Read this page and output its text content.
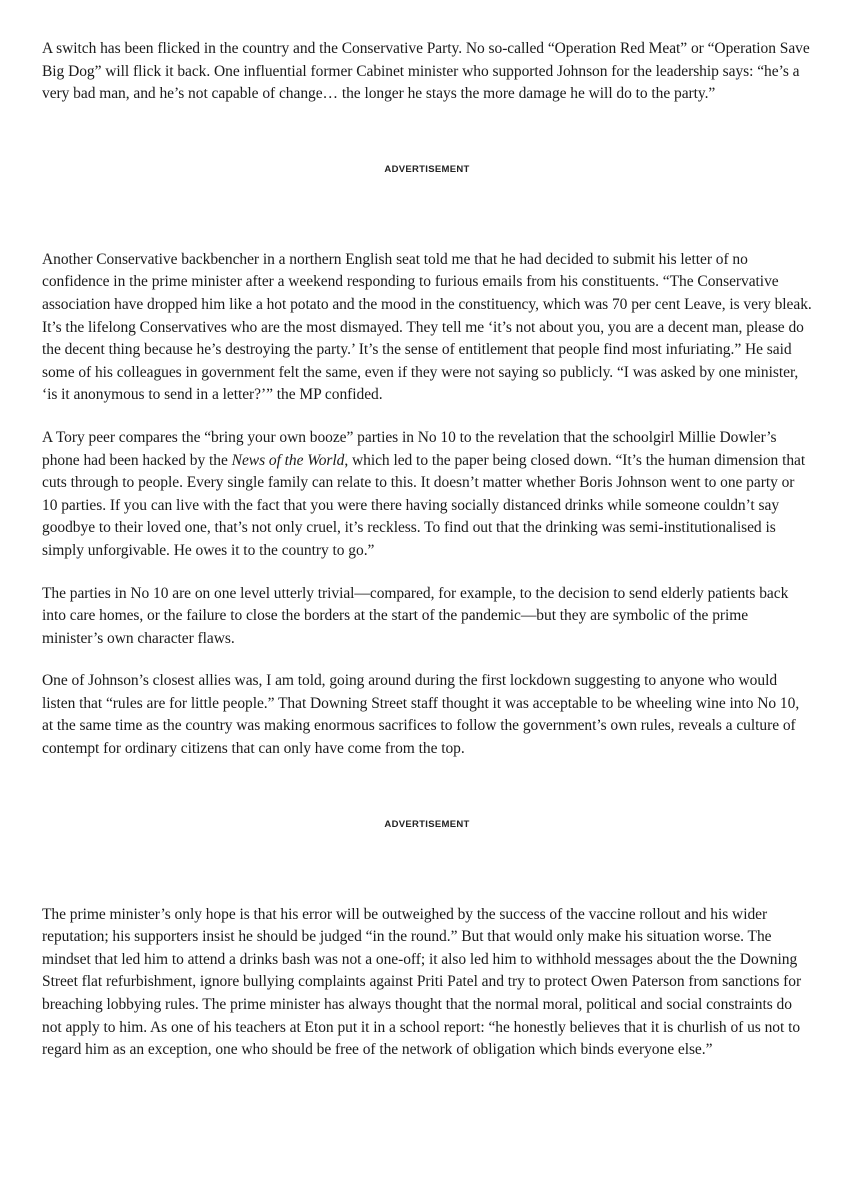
A switch has been flicked in the country and the Conservative Party. No so-called “Operation Red Meat” or “Operation Save Big Dog” will flick it back. One influential former Cabinet minister who supported Johnson for the leadership says: “he’s a very bad man, and he’s not capable of change… the longer he stays the more damage he will do to the party.”

ADVERTISEMENT

Another Conservative backbencher in a northern English seat told me that he had decided to submit his letter of no confidence in the prime minister after a weekend responding to furious emails from his constituents. “The Conservative association have dropped him like a hot potato and the mood in the constituency, which was 70 per cent Leave, is very bleak. It’s the lifelong Conservatives who are the most dismayed. They tell me ‘it’s not about you, you are a decent man, please do the decent thing because he’s destroying the party.’ It’s the sense of entitlement that people find most infuriating.” He said some of his colleagues in government felt the same, even if they were not saying so publicly. “I was asked by one minister, ‘is it anonymous to send in a letter?’” the MP confided.

A Tory peer compares the “bring your own booze” parties in No 10 to the revelation that the schoolgirl Millie Dowler’s phone had been hacked by the News of the World, which led to the paper being closed down. “It’s the human dimension that cuts through to people. Every single family can relate to this. It doesn’t matter whether Boris Johnson went to one party or 10 parties. If you can live with the fact that you were there having socially distanced drinks while someone couldn’t say goodbye to their loved one, that’s not only cruel, it’s reckless. To find out that the drinking was semi-institutionalised is simply unforgivable. He owes it to the country to go.”

The parties in No 10 are on one level utterly trivial—compared, for example, to the decision to send elderly patients back into care homes, or the failure to close the borders at the start of the pandemic—but they are symbolic of the prime minister’s own character flaws.

One of Johnson’s closest allies was, I am told, going around during the first lockdown suggesting to anyone who would listen that “rules are for little people.” That Downing Street staff thought it was acceptable to be wheeling wine into No 10, at the same time as the country was making enormous sacrifices to follow the government’s own rules, reveals a culture of contempt for ordinary citizens that can only have come from the top.

ADVERTISEMENT

The prime minister’s only hope is that his error will be outweighed by the success of the vaccine rollout and his wider reputation; his supporters insist he should be judged “in the round.” But that would only make his situation worse. The mindset that led him to attend a drinks bash was not a one-off; it also led him to withhold messages about the the Downing Street flat refurbishment, ignore bullying complaints against Priti Patel and try to protect Owen Paterson from sanctions for breaching lobbying rules. The prime minister has always thought that the normal moral, political and social constraints do not apply to him. As one of his teachers at Eton put it in a school report: “he honestly believes that it is churlish of us not to regard him as an exception, one who should be free of the network of obligation which binds everyone else.”
